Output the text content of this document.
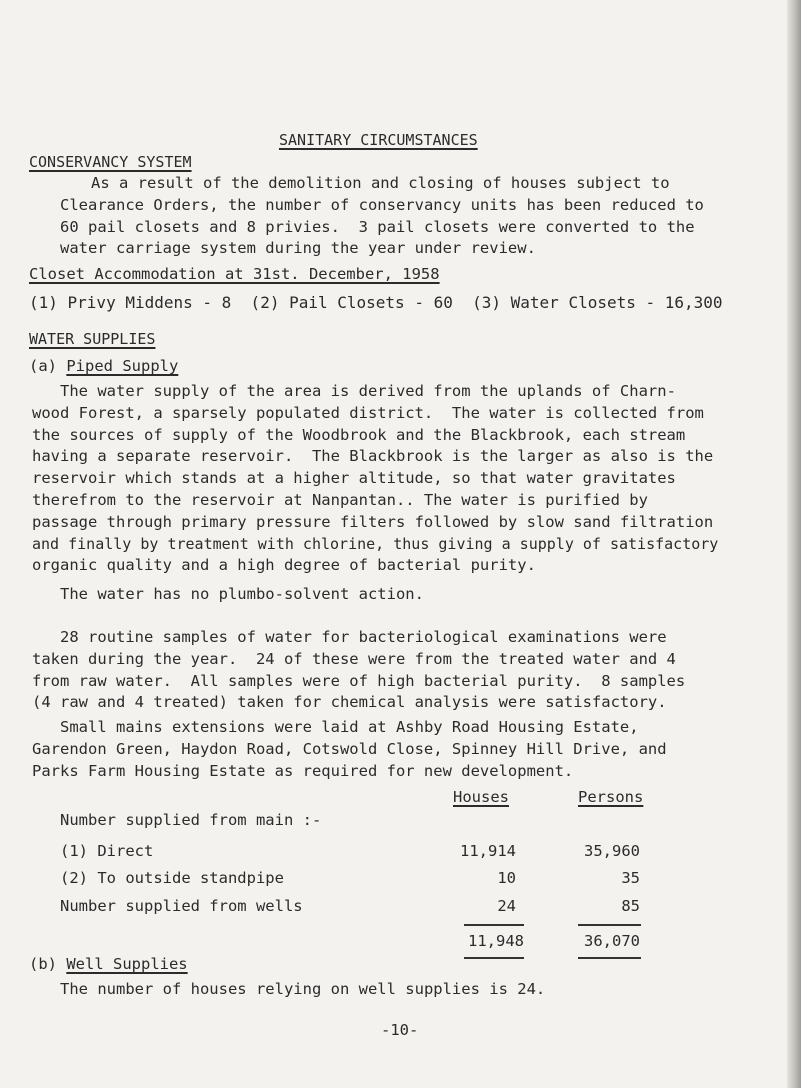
SANITARY CIRCUMSTANCES
CONSERVANCY SYSTEM
As a result of the demolition and closing of houses subject to
Clearance Orders, the number of conservancy units has been reduced to
60 pail closets and 8 privies.  3 pail closets were converted to the
water carriage system during the year under review.
Closet Accommodation at 31st. December, 1958
(1) Privy Middens - 8  (2) Pail Closets - 60  (3) Water Closets - 16,300
WATER SUPPLIES
(a) Piped Supply
The water supply of the area is derived from the uplands of Charn-
wood Forest, a sparsely populated district.  The water is collected from
the sources of supply of the Woodbrook and the Blackbrook, each stream
having a separate reservoir.  The Blackbrook is the larger as also is the
reservoir which stands at a higher altitude, so that water gravitates
therefrom to the reservoir at Nanpantan.. The water is purified by
passage through primary pressure filters followed by slow sand filtration
and finally by treatment with chlorine, thus giving a supply of satisfactory
organic quality and a high degree of bacterial purity.
The water has no plumbo-solvent action.
28 routine samples of water for bacteriological examinations were
taken during the year.  24 of these were from the treated water and 4
from raw water.  All samples were of high bacterial purity.  8 samples
(4 raw and 4 treated) taken for chemical analysis were satisfactory.
Small mains extensions were laid at Ashby Road Housing Estate,
Garendon Green, Haydon Road, Cotswold Close, Spinney Hill Drive, and
Parks Farm Housing Estate as required for new development.
Houses	Persons
Number supplied from main :-
(1) Direct	11,914	35,960
(2) To outside standpipe	10	35
Number supplied from wells	24	85
11,948	36,070
(b) Well Supplies
The number of houses relying on well supplies is 24.
-10-
